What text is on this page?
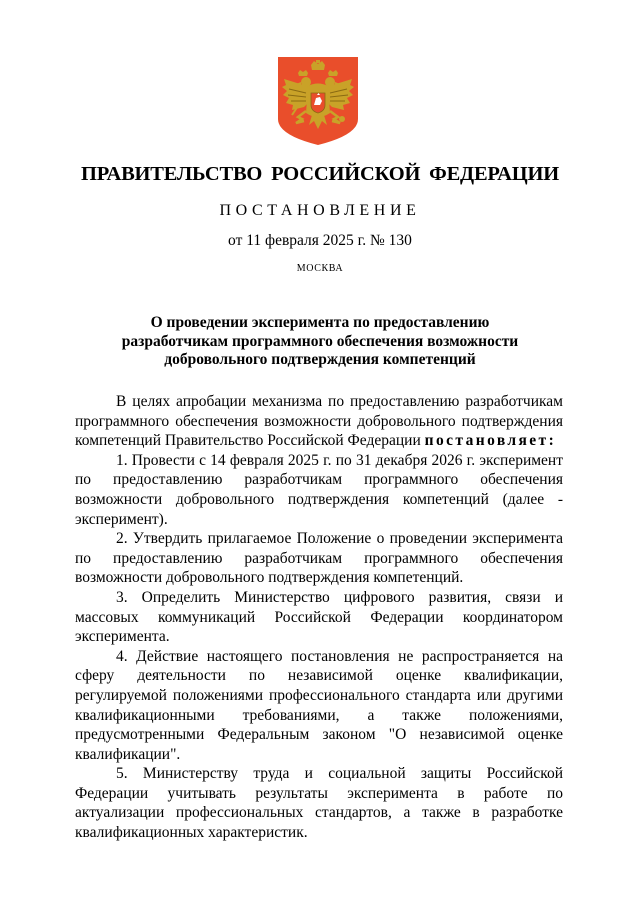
ПРАВИТЕЛЬСТВО РОССИЙСКОЙ ФЕДЕРАЦИИ
ПОСТАНОВЛЕНИЕ
от 11 февраля 2025 г. № 130
МОСКВА
О проведении эксперимента по предоставлению
разработчикам программного обеспечения возможности
добровольного подтверждения компетенций

В целях апробации механизма по предоставлению разработчикам программного обеспечения возможности добровольного подтверждения компетенций Правительство Российской Федерации постановляет:

1. Провести с 14 февраля 2025 г. по 31 декабря 2026 г. эксперимент по предоставлению разработчикам программного обеспечения возможности добровольного подтверждения компетенций (далее - эксперимент).

2. Утвердить прилагаемое Положение о проведении эксперимента по предоставлению разработчикам программного обеспечения возможности добровольного подтверждения компетенций.

3. Определить Министерство цифрового развития, связи и массовых коммуникаций Российской Федерации координатором эксперимента.

4. Действие настоящего постановления не распространяется на сферу деятельности по независимой оценке квалификации, регулируемой положениями профессионального стандарта или другими квалификационными требованиями, а также положениями, предусмотренными Федеральным законом "О независимой оценке квалификации".

5. Министерству труда и социальной защиты Российской Федерации учитывать результаты эксперимента в работе по актуализации профессиональных стандартов, а также в разработке квалификационных характеристик.
